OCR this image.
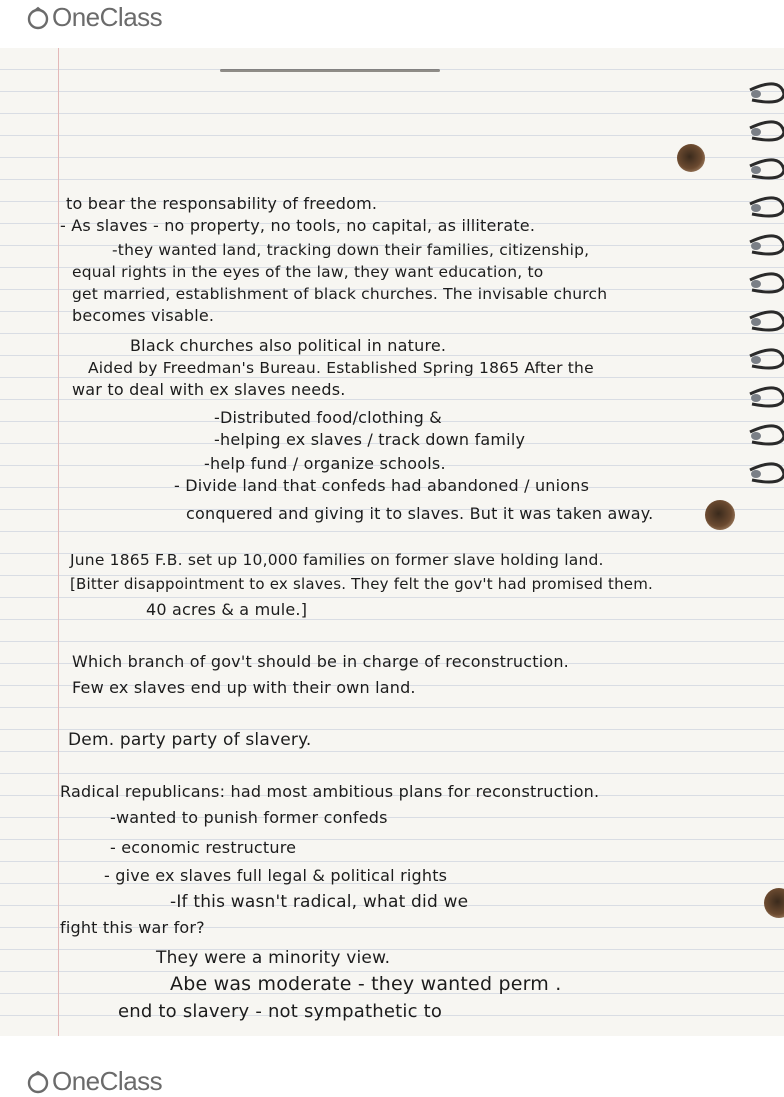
OneClass
to bear the responsability of freedom.
- As slaves - no property, no tools, no capital, as illiterate.
-they wanted land, tracking down their families, citizenship,
equal rights in the eyes of the law, they want education, to
get married, establishment of black churches. The invisable church
becomes visable.
Black churches also political in nature.
Aided by Freedman's Bureau. Established Spring 1865 After the
war to deal with ex slaves needs.
-Distributed food/clothing &
-helping ex slaves / track down family
-help fund / organize schools.
- Divide land that confeds had abandoned / unions
conquered and giving it to slaves. But it was taken away.
June 1865 F.B. set up 10,000 families on former slave holding land.
[Bitter disappointment to ex slaves. They felt the gov't had promised them.
40 acres & a mule.]
Which branch of gov't should be in charge of reconstruction.
Few ex slaves end up with their own land.
Dem. party party of slavery.
Radical republicans: had most ambitious plans for reconstruction.
-wanted to punish former confeds
- economic restructure
- give ex slaves full legal & political rights
-If this wasn't radical, what did we
fight this war for?
They were a minority view.
Abe was moderate - they wanted perm .
end to slavery - not sympathetic to
OneClass
